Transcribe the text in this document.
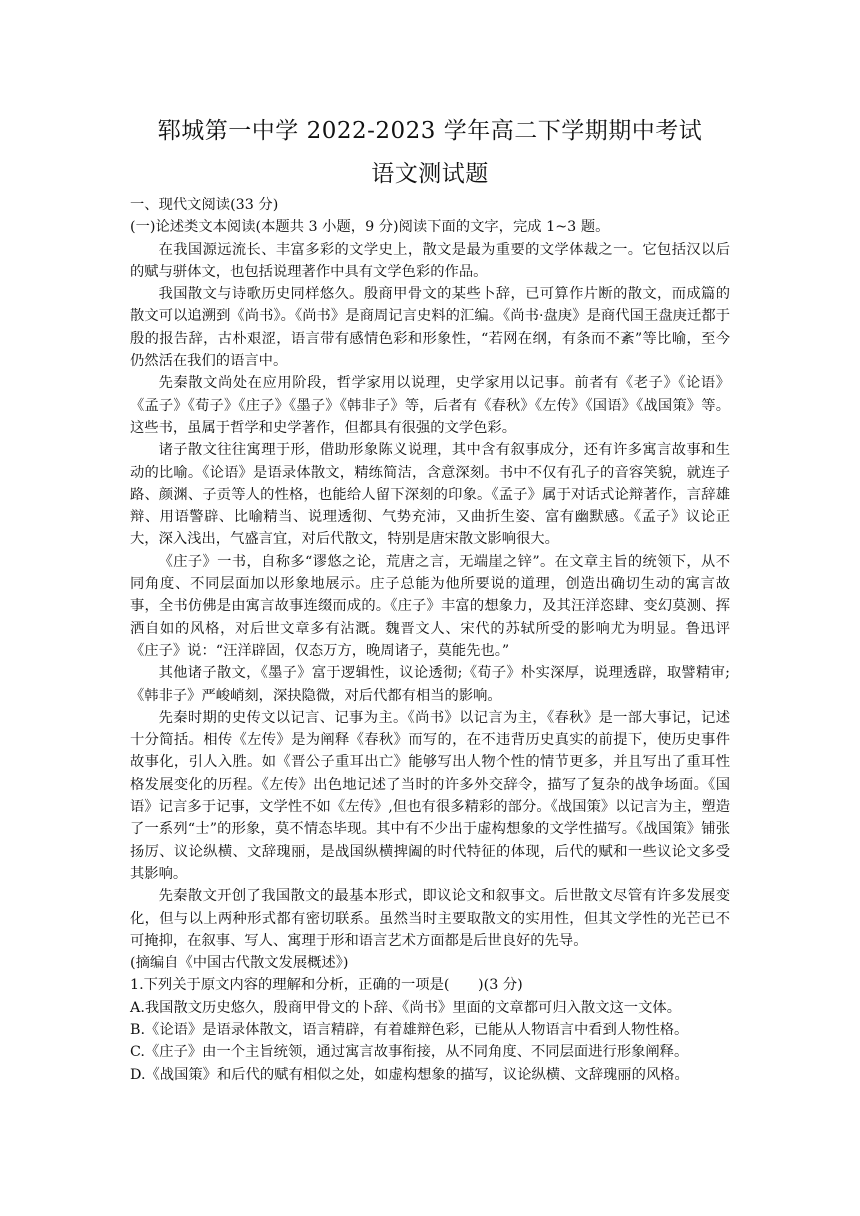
郓城第一中学 2022-2023 学年高二下学期期中考试
语文测试题

一、现代文阅读(33 分)

(一)论述类文本阅读(本题共 3 小题，9 分)阅读下面的文字，完成 1~3 题。

在我国源远流长、丰富多彩的文学史上，散文是最为重要的文学体裁之一。它包括汉以后的赋与骈体文，也包括说理著作中具有文学色彩的作品。

我国散文与诗歌历史同样悠久。殷商甲骨文的某些卜辞，已可算作片断的散文，而成篇的散文可以追溯到《尚书》。《尚书》是商周记言史料的汇编。《尚书·盘庚》是商代国王盘庚迁都于殷的报告辞，古朴艰涩，语言带有感情色彩和形象性，“若网在纲，有条而不紊”等比喻，至今仍然活在我们的语言中。

先秦散文尚处在应用阶段，哲学家用以说理，史学家用以记事。前者有《老子》《论语》《孟子》《荀子》《庄子》《墨子》《韩非子》等，后者有《春秋》《左传》《国语》《战国策》等。这些书，虽属于哲学和史学著作，但都具有很强的文学色彩。

诸子散文往往寓理于形，借助形象陈义说理，其中含有叙事成分，还有许多寓言故事和生动的比喻。《论语》是语录体散文，精练简洁，含意深刻。书中不仅有孔子的音容笑貌，就连子路、颜渊、子贡等人的性格，也能给人留下深刻的印象。《孟子》属于对话式论辩著作，言辞雄辩、用语警辟、比喻精当、说理透彻、气势充沛，又曲折生姿、富有幽默感。《孟子》议论正大，深入浅出，气盛言宜，对后代散文，特别是唐宋散文影响很大。

《庄子》一书，自称多“谬悠之论，荒唐之言，无端崖之锌”。在文章主旨的统领下，从不同角度、不同层面加以形象地展示。庄子总能为他所要说的道理，创造出确切生动的寓言故事，全书仿佛是由寓言故事连缀而成的。《庄子》丰富的想象力，及其汪洋恣肆、变幻莫测、挥洒自如的风格，对后世文章多有沾溉。魏晋文人、宋代的苏轼所受的影响尤为明显。鲁迅评《庄子》说：“汪洋辟固，仅态万方，晚周诸子，莫能先也。”

其他诸子散文，《墨子》富于逻辑性，议论透彻;《荀子》朴实深厚，说理透辟，取譬精审;《韩非子》严峻峭刻，深抉隐微，对后代都有相当的影响。

先秦时期的史传文以记言、记事为主。《尚书》以记言为主，《春秋》是一部大事记，记述十分简括。相传《左传》是为阐释《春秋》而写的，在不违背历史真实的前提下，使历史事件故事化，引人入胜。如《晋公子重耳出亡》能够写出人物个性的情节更多，并且写出了重耳性格发展变化的历程。《左传》出色地记述了当时的许多外交辞令，描写了复杂的战争场面。《国语》记言多于记事，文学性不如《左传》,但也有很多精彩的部分。《战国策》以记言为主，塑造了一系列“士”的形象，莫不情态毕现。其中有不少出于虚构想象的文学性描写。《战国策》铺张扬厉、议论纵横、文辞瑰丽，是战国纵横捭阖的时代特征的体现，后代的赋和一些议论文多受其影响。

先秦散文开创了我国散文的最基本形式，即议论文和叙事文。后世散文尽管有许多发展变化，但与以上两种形式都有密切联系。虽然当时主要取散文的实用性，但其文学性的光芒已不可掩抑，在叙事、写人、寓理于形和语言艺术方面都是后世良好的先导。

(摘编自《中国古代散文发展概述》)

1.下列关于原文内容的理解和分析，正确的一项是(　　)(3 分)

A.我国散文历史悠久，殷商甲骨文的卜辞、《尚书》里面的文章都可归入散文这一文体。

B.《论语》是语录体散文，语言精辟，有着雄辩色彩，已能从人物语言中看到人物性格。

C.《庄子》由一个主旨统领，通过寓言故事衔接，从不同角度、不同层面进行形象阐释。

D.《战国策》和后代的赋有相似之处，如虚构想象的描写，议论纵横、文辞瑰丽的风格。
